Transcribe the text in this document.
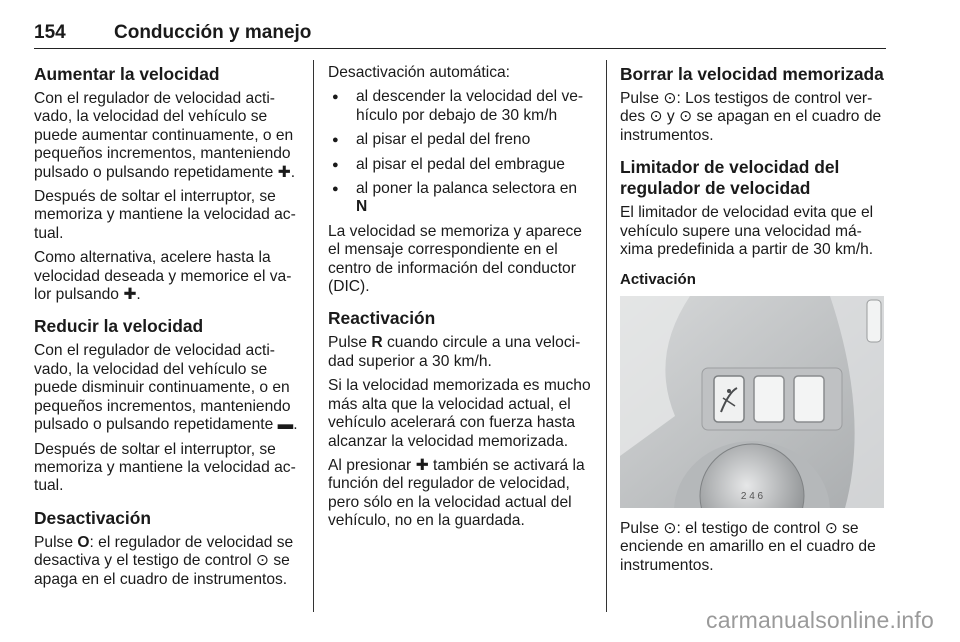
154	Conducción y manejo
Aumentar la velocidad

Con el regulador de velocidad activado, la velocidad del vehículo se puede aumentar continuamente, o en pequeños incrementos, manteniendo pulsado o pulsando repetidamente ✚.

Después de soltar el interruptor, se memoriza y mantiene la velocidad actual.

Como alternativa, acelere hasta la velocidad deseada y memorice el valor pulsando ✚.

Reducir la velocidad

Con el regulador de velocidad activado, la velocidad del vehículo se puede disminuir continuamente, o en pequeños incrementos, manteniendo pulsado o pulsando repetidamente ▬.

Después de soltar el interruptor, se memoriza y mantiene la velocidad actual.

Desactivación

Pulse O: el regulador de velocidad se desactiva y el testigo de control ⊙ se apaga en el cuadro de instrumentos.

Desactivación automática:

● al descender la velocidad del vehículo por debajo de 30 km/h
● al pisar el pedal del freno
● al pisar el pedal del embrague
● al poner la palanca selectora en
N

La velocidad se memoriza y aparece el mensaje correspondiente en el centro de información del conductor (DIC).

Reactivación

Pulse R cuando circule a una velocidad superior a 30 km/h.

Si la velocidad memorizada es mucho más alta que la velocidad actual, el vehículo acelerará con fuerza hasta alcanzar la velocidad memorizada.

Al presionar ✚ también se activará la función del regulador de velocidad, pero sólo en la velocidad actual del vehículo, no en la guardada.

Borrar la velocidad memorizada

Pulse ⊙: Los testigos de control verdes ⊙ y ⊙ se apagan en el cuadro de instrumentos.

Limitador de velocidad del regulador de velocidad

El limitador de velocidad evita que el vehículo supere una velocidad máxima predefinida a partir de 30 km/h.

Activación
2 4 6

Pulse ⊙: el testigo de control ⊙ se enciende en amarillo en el cuadro de instrumentos.

carmanualsonline.info
